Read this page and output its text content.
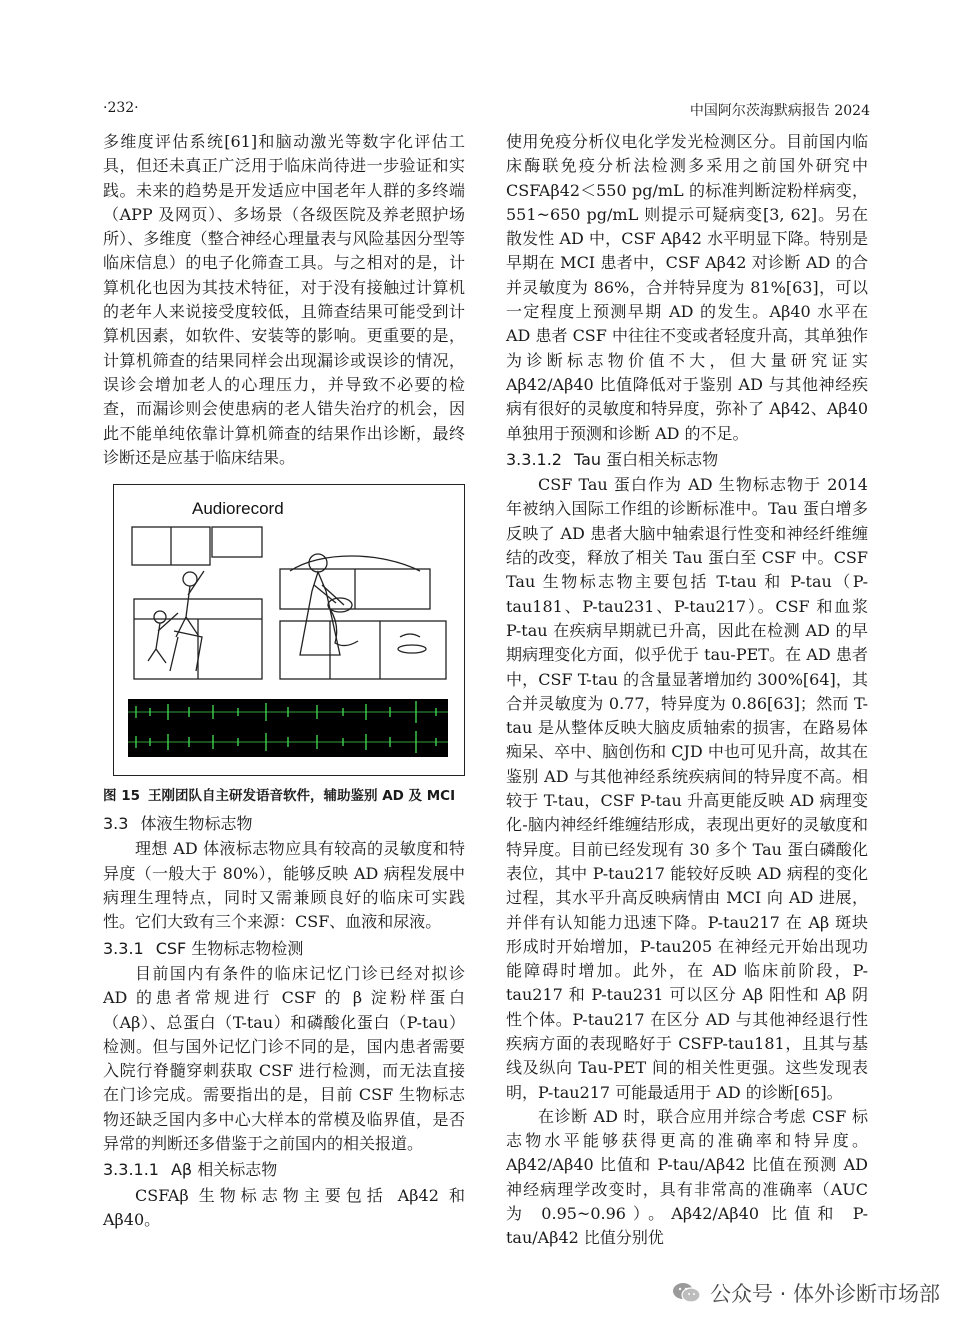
·232·	中国阿尔茨海默病报告 2024

多维度评估系统[61]和脑动激光等数字化评估工具，但还未真正广泛用于临床尚待进一步验证和实践。未来的趋势是开发适应中国老年人群的多终端（APP 及网页）、多场景（各级医院及养老照护场所）、多维度（整合神经心理量表与风险基因分型等临床信息）的电子化筛查工具。与之相对的是，计算机化也因为其技术特征，对于没有接触过计算机的老年人来说接受度较低，且筛查结果可能受到计算机因素，如软件、安装等的影响。更重要的是，计算机筛查的结果同样会出现漏诊或误诊的情况，误诊会增加老人的心理压力，并导致不必要的检查，而漏诊则会使患病的老人错失治疗的机会，因此不能单纯依靠计算机筛查的结果作出诊断，最终诊断还是应基于临床结果。

Audiorecord
图 15 王刚团队自主研发语音软件，辅助鉴别 AD 及 MCI
3.3 体液生物标志物

理想 AD 体液标志物应具有较高的灵敏度和特异度（一般大于 80%），能够反映 AD 病程发展中病理生理特点，同时又需兼顾良好的临床可实践性。它们大致有三个来源：CSF、血液和尿液。

3.3.1 CSF 生物标志物检测

目前国内有条件的临床记忆门诊已经对拟诊 AD 的患者常规进行 CSF 的 β 淀粉样蛋白（Aβ）、总蛋白（T-tau）和磷酸化蛋白（P-tau）检测。但与国外记忆门诊不同的是，国内患者需要入院行脊髓穿刺获取 CSF 进行检测，而无法直接在门诊完成。需要指出的是，目前 CSF 生物标志物还缺乏国内多中心大样本的常模及临界值，是否异常的判断还多借鉴于之前国内的相关报道。

3.3.1.1 Aβ 相关标志物

CSFAβ 生物标志物主要包括 Aβ42 和 Aβ40。

使用免疫分析仪电化学发光检测区分。目前国内临床酶联免疫分析法检测多采用之前国外研究中 CSFAβ42＜550 pg/mL 的标准判断淀粉样病变，551~650 pg/mL 则提示可疑病变[3, 62]。另在散发性 AD 中，CSF Aβ42 水平明显下降。特别是早期在 MCI 患者中，CSF Aβ42 对诊断 AD 的合并灵敏度为 86%，合并特异度为 81%[63]，可以一定程度上预测早期 AD 的发生。Aβ40 水平在 AD 患者 CSF 中往往不变或者轻度升高，其单独作为诊断标志物价值不大，但大量研究证实 Aβ42/Aβ40 比值降低对于鉴别 AD 与其他神经疾病有很好的灵敏度和特异度，弥补了 Aβ42、Aβ40 单独用于预测和诊断 AD 的不足。

3.3.1.2 Tau 蛋白相关标志物

CSF Tau 蛋白作为 AD 生物标志物于 2014 年被纳入国际工作组的诊断标准中。Tau 蛋白增多反映了 AD 患者大脑中轴索退行性变和神经纤维缠结的改变，释放了相关 Tau 蛋白至 CSF 中。CSF Tau 生物标志物主要包括 T-tau 和 P-tau（P-tau181、P-tau231、P-tau217）。CSF 和血浆 P-tau 在疾病早期就已升高，因此在检测 AD 的早期病理变化方面，似乎优于 tau-PET。在 AD 患者中，CSF T-tau 的含量显著增加约 300%[64]，其合并灵敏度为 0.77，特异度为 0.86[63]；然而 T-tau 是从整体反映大脑皮质轴索的损害，在路易体痴呆、卒中、脑创伤和 CJD 中也可见升高，故其在鉴别 AD 与其他神经系统疾病间的特异度不高。相较于 T-tau，CSF P-tau 升高更能反映 AD 病理变化-脑内神经纤维缠结形成，表现出更好的灵敏度和特异度。目前已经发现有 30 多个 Tau 蛋白磷酸化表位，其中 P-tau217 能较好反映 AD 病程的变化过程，其水平升高反映病情由 MCI 向 AD 进展，并伴有认知能力迅速下降。P-tau217 在 Aβ 斑块形成时开始增加，P-tau205 在神经元开始出现功能障碍时增加。此外，在 AD 临床前阶段，P-tau217 和 P-tau231 可以区分 Aβ 阳性和 Aβ 阴性个体。P-tau217 在区分 AD 与其他神经退行性疾病方面的表现略好于 CSFP-tau181，且其与基线及纵向 Tau-PET 间的相关性更强。这些发现表明，P-tau217 可能最适用于 AD 的诊断[65]。

在诊断 AD 时，联合应用并综合考虑 CSF 标志物水平能够获得更高的准确率和特异度。Aβ42/Aβ40 比值和 P-tau/Aβ42 比值在预测 AD 神经病理学改变时，具有非常高的准确率（AUC 为 0.95~0.96）。Aβ42/Aβ40 比值和 P-tau/Aβ42 比值分别优

公众号 · 体外诊断市场部
